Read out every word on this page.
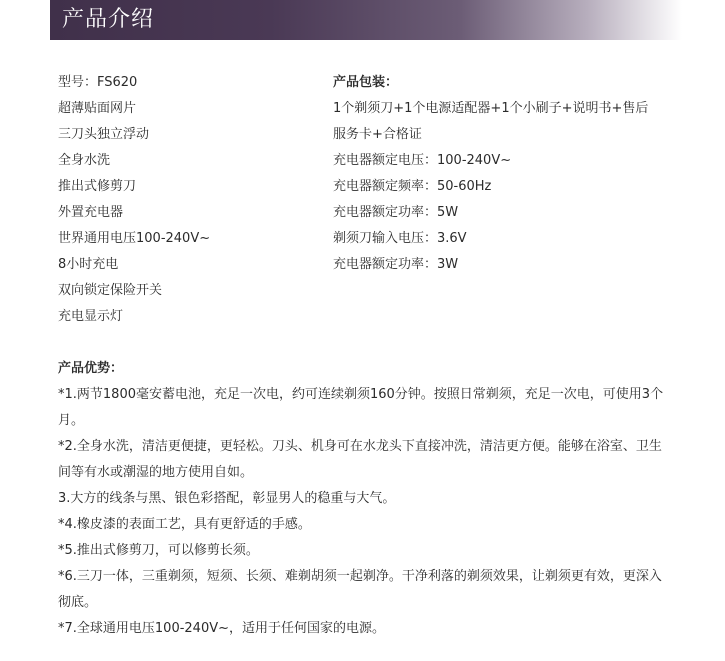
产品介绍
型号：FS620
超薄贴面网片
三刀头独立浮动
全身水洗
推出式修剪刀
外置充电器
世界通用电压100-240V~
8小时充电
双向锁定保险开关
充电显示灯
产品包装：
1个剃须刀+1个电源适配器+1个小刷子+说明书+售后
服务卡+合格证
充电器额定电压：100-240V~
充电器额定频率：50-60Hz
充电器额定功率：5W
剃须刀输入电压：3.6V
充电器额定功率：3W
产品优势：
*1.两节1800毫安蓄电池，充足一次电，约可连续剃须160分钟。按照日常剃须，充足一次电，可使用3个月。
*2.全身水洗，清洁更便捷，更轻松。刀头、机身可在水龙头下直接冲洗，清洁更方便。能够在浴室、卫生间等有水或潮湿的地方使用自如。
3.大方的线条与黑、银色彩搭配，彰显男人的稳重与大气。
*4.橡皮漆的表面工艺，具有更舒适的手感。
*5.推出式修剪刀，可以修剪长须。
*6.三刀一体，三重剃须，短须、长须、难剃胡须一起剃净。干净利落的剃须效果，让剃须更有效，更深入彻底。
*7.全球通用电压100-240V~，适用于任何国家的电源。
